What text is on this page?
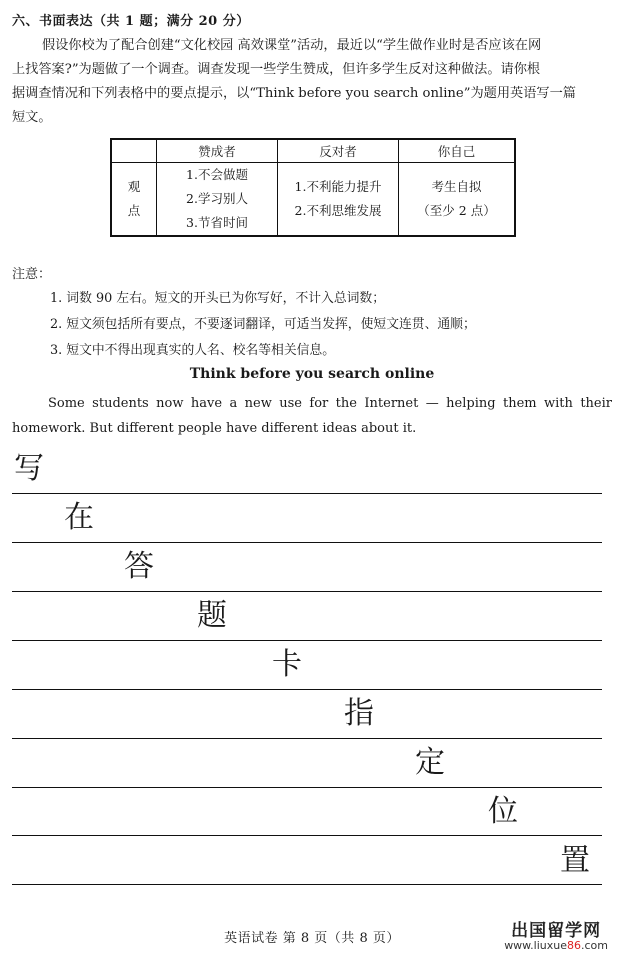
六、书面表达（共 1 题；满分 20 分）

假设你校为了配合创建“文化校园 高效课堂”活动，最近以“学生做作业时是否应该在网

上找答案?”为题做了一个调查。调查发现一些学生赞成，但许多学生反对这种做法。请你根

据调查情况和下列表格中的要点提示，以“Think before you search online”为题用英语写一篇

短文。

	赞成者	反对者	你自己

观
点	1.不会做题
2.学习别人
3.节省时间	1.不利能力提升
2.不利思维发展	考生自拟
（至少 2 点）
注意：
1. 词数 90 左右。短文的开头已为你写好，不计入总词数；
2. 短文须包括所有要点，不要逐词翻译，可适当发挥，使短文连贯、通顺；
3. 短文中不得出现真实的人名、校名等相关信息。
Think before you search online
Some students now have a new use for the Internet — helping them with their
homework. But different people have different ideas about it.
写
在
答
题
卡
指
定
位
置
英语试卷 第 8 页（共 8 页）	出国留学网
www.liuxue86.com
